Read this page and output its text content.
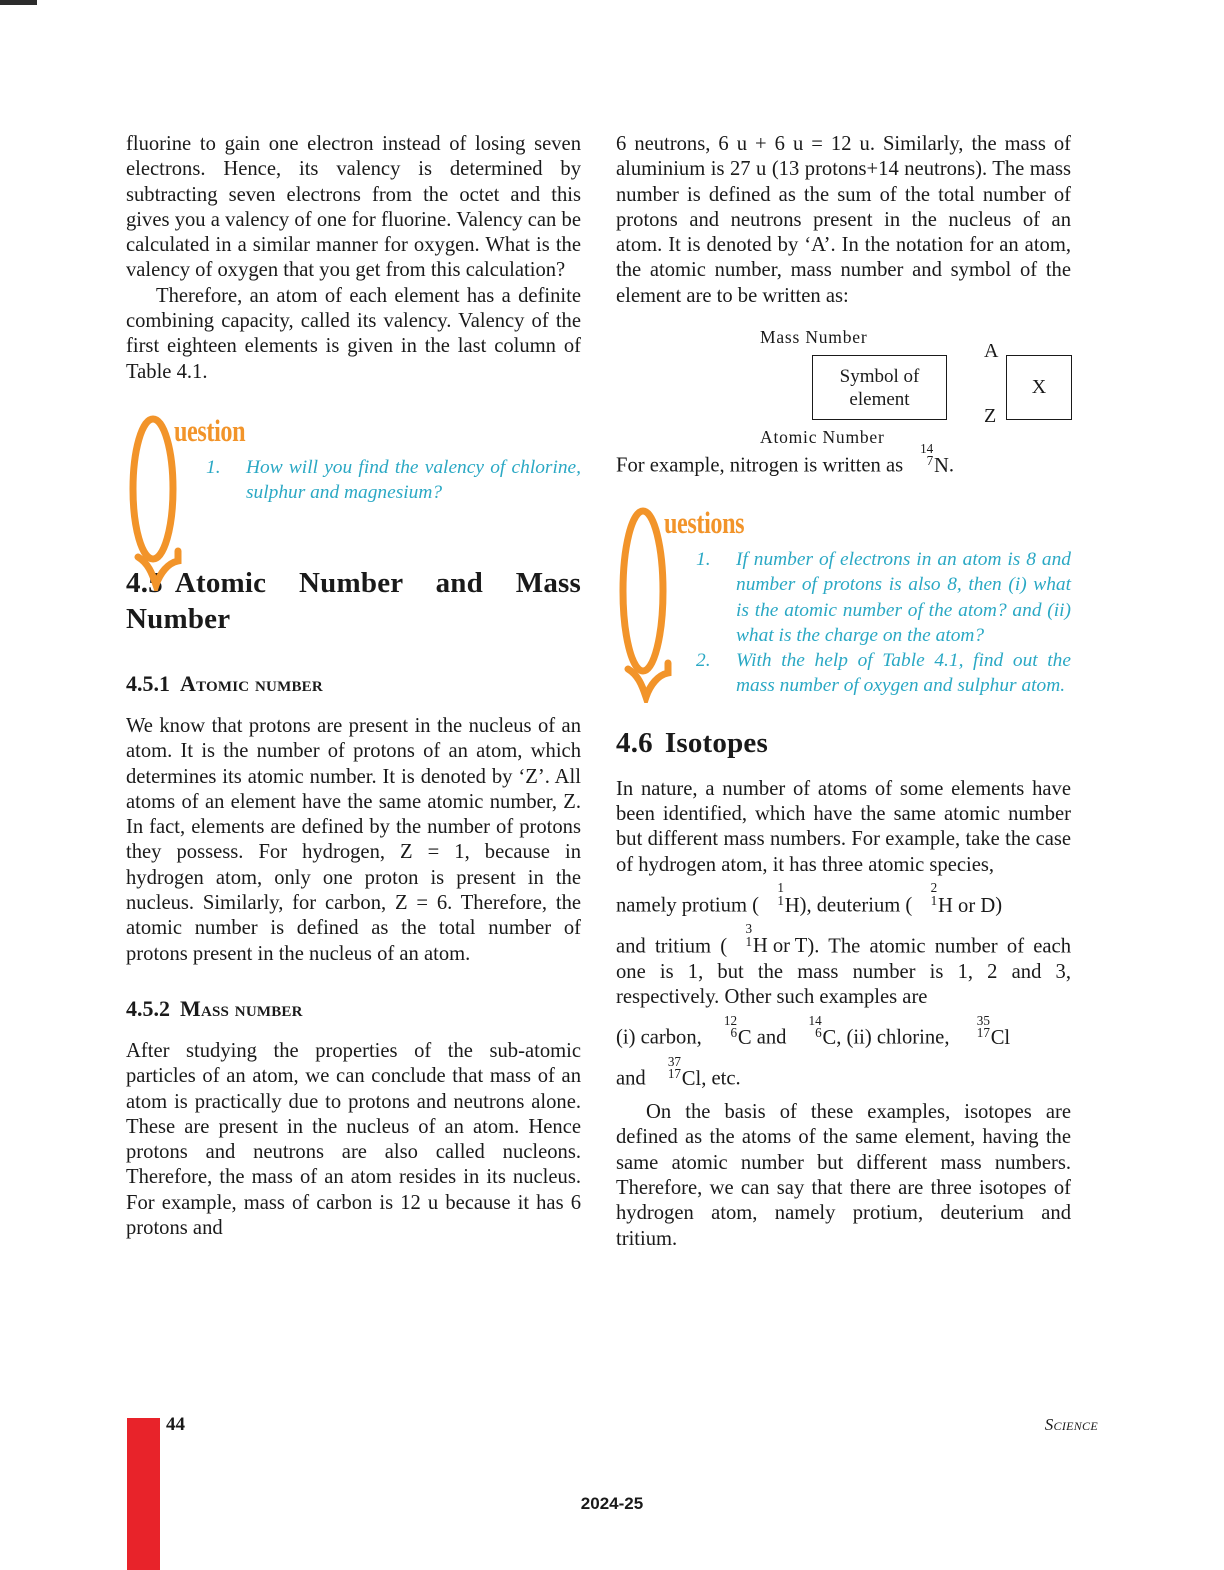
fluorine to gain one electron instead of losing seven electrons. Hence, its valency is determined by subtracting seven electrons from the octet and this gives you a valency of one for fluorine. Valency can be calculated in a similar manner for oxygen. What is the valency of oxygen that you get from this calculation?

Therefore, an atom of each element has a definite combining capacity, called its valency. Valency of the first eighteen elements is given in the last column of Table 4.1.

uestion
1. How will you find the valency of chlorine, sulphur and magnesium?
4.5 Atomic Number and Mass Number
4.5.1 Atomic number

We know that protons are present in the nucleus of an atom. It is the number of protons of an atom, which determines its atomic number. It is denoted by ‘Z’. All atoms of an element have the same atomic number, Z. In fact, elements are defined by the number of protons they possess. For hydrogen, Z = 1, because in hydrogen atom, only one proton is present in the nucleus. Similarly, for carbon, Z = 6. Therefore, the atomic number is defined as the total number of protons present in the nucleus of an atom.

4.5.2 Mass number

After studying the properties of the sub-atomic particles of an atom, we can conclude that mass of an atom is practically due to protons and neutrons alone. These are present in the nucleus of an atom. Hence protons and neutrons are also called nucleons. Therefore, the mass of an atom resides in its nucleus. For example, mass of carbon is 12 u because it has 6 protons and

6 neutrons, 6 u + 6 u = 12 u. Similarly, the mass of aluminium is 27 u (13 protons+14 neutrons). The mass number is defined as the sum of the total number of protons and neutrons present in the nucleus of an atom. It is denoted by ‘A’. In the notation for an atom, the atomic number, mass number and symbol of the element are to be written as:

Mass Number
Symbol of
element
Atomic Number
A
Z
X

For example, nitrogen is written as
14
7 N.

uestions
1. If number of electrons in an atom is 8 and number of protons is also 8, then (i) what is the atomic number of the atom? and (ii) what is the charge on the atom?
2. With the help of Table 4.1, find out the mass number of oxygen and sulphur atom.
4.6 Isotopes

In nature, a number of atoms of some elements have been identified, which have the same atomic number but different mass numbers. For example, take the case of hydrogen atom, it has three atomic species,

namely protium (
1
1 H), deuterium (
2
1 H or D)

and tritium (
3
1 H or T). The atomic number of each one is 1, but the mass number is 1, 2 and 3, respectively. Other such examples are

(i) carbon,
12
6 C and
14
6 C, (ii) chlorine,
35
17 Cl

and
37
17 Cl, etc.

On the basis of these examples, isotopes are defined as the atoms of the same element, having the same atomic number but different mass numbers. Therefore, we can say that there are three isotopes of hydrogen atom, namely protium, deuterium and tritium.

44	Science
2024-25
